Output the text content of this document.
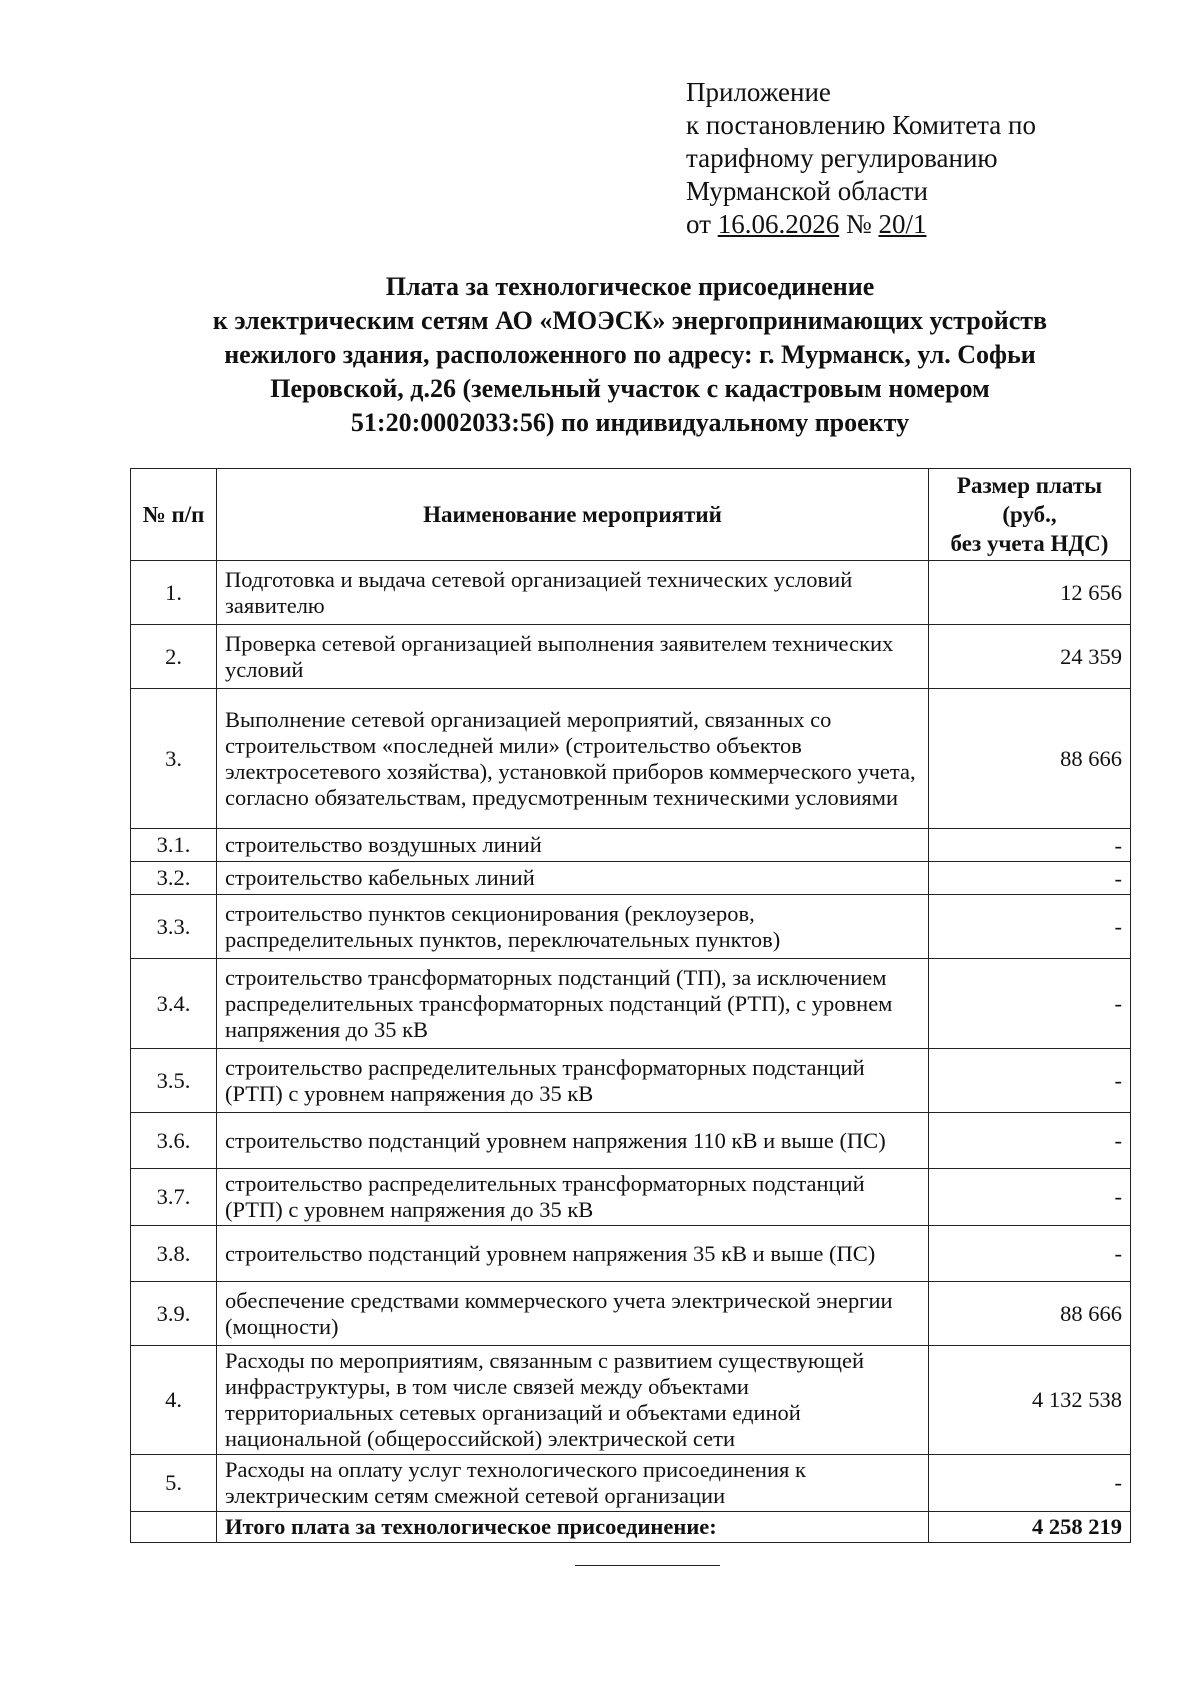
Приложение
к постановлению Комитета по
тарифному регулированию
Мурманской области
от 16.06.2026 № 20/1
Плата за технологическое присоединение
к электрическим сетям АО «МОЭСК» энергопринимающих устройств
нежилого здания, расположенного по адресу: г. Мурманск, ул. Софьи
Перовской, д.26 (земельный участок с кадастровым номером
51:20:0002033:56) по индивидуальному проекту
№ п/п	Наименование мероприятий	Размер платы
(руб.,
без учета НДС)

1.	Подготовка и выдача сетевой организацией технических условий заявителю	12 656
2.	Проверка сетевой организацией выполнения заявителем технических условий	24 359
3.	Выполнение сетевой организацией мероприятий, связанных со строительством «последней мили» (строительство объектов электросетевого хозяйства), установкой приборов коммерческого учета, согласно обязательствам, предусмотренным техническими условиями	88 666
3.1.	строительство воздушных линий	-
3.2.	строительство кабельных линий	-
3.3.	строительство пунктов секционирования (реклоузеров, распределительных пунктов, переключательных пунктов)	-
3.4.	строительство трансформаторных подстанций (ТП), за исключением распределительных трансформаторных подстанций (РТП), с уровнем напряжения до 35 кВ	-
3.5.	строительство распределительных трансформаторных подстанций (РТП) с уровнем напряжения до 35 кВ	-
3.6.	строительство подстанций уровнем напряжения 110 кВ и выше (ПС)	-
3.7.	строительство распределительных трансформаторных подстанций (РТП) с уровнем напряжения до 35 кВ	-
3.8.	строительство подстанций уровнем напряжения 35 кВ и выше (ПС)	-
3.9.	обеспечение средствами коммерческого учета электрической энергии (мощности)	88 666
4.	Расходы по мероприятиям, связанным с развитием существующей инфраструктуры, в том числе связей между объектами территориальных сетевых организаций и объектами единой национальной (общероссийской) электрической сети	4 132 538
5.	Расходы на оплату услуг технологического присоединения к электрическим сетям смежной сетевой организации	-
	Итого плата за технологическое присоединение:	4 258 219
